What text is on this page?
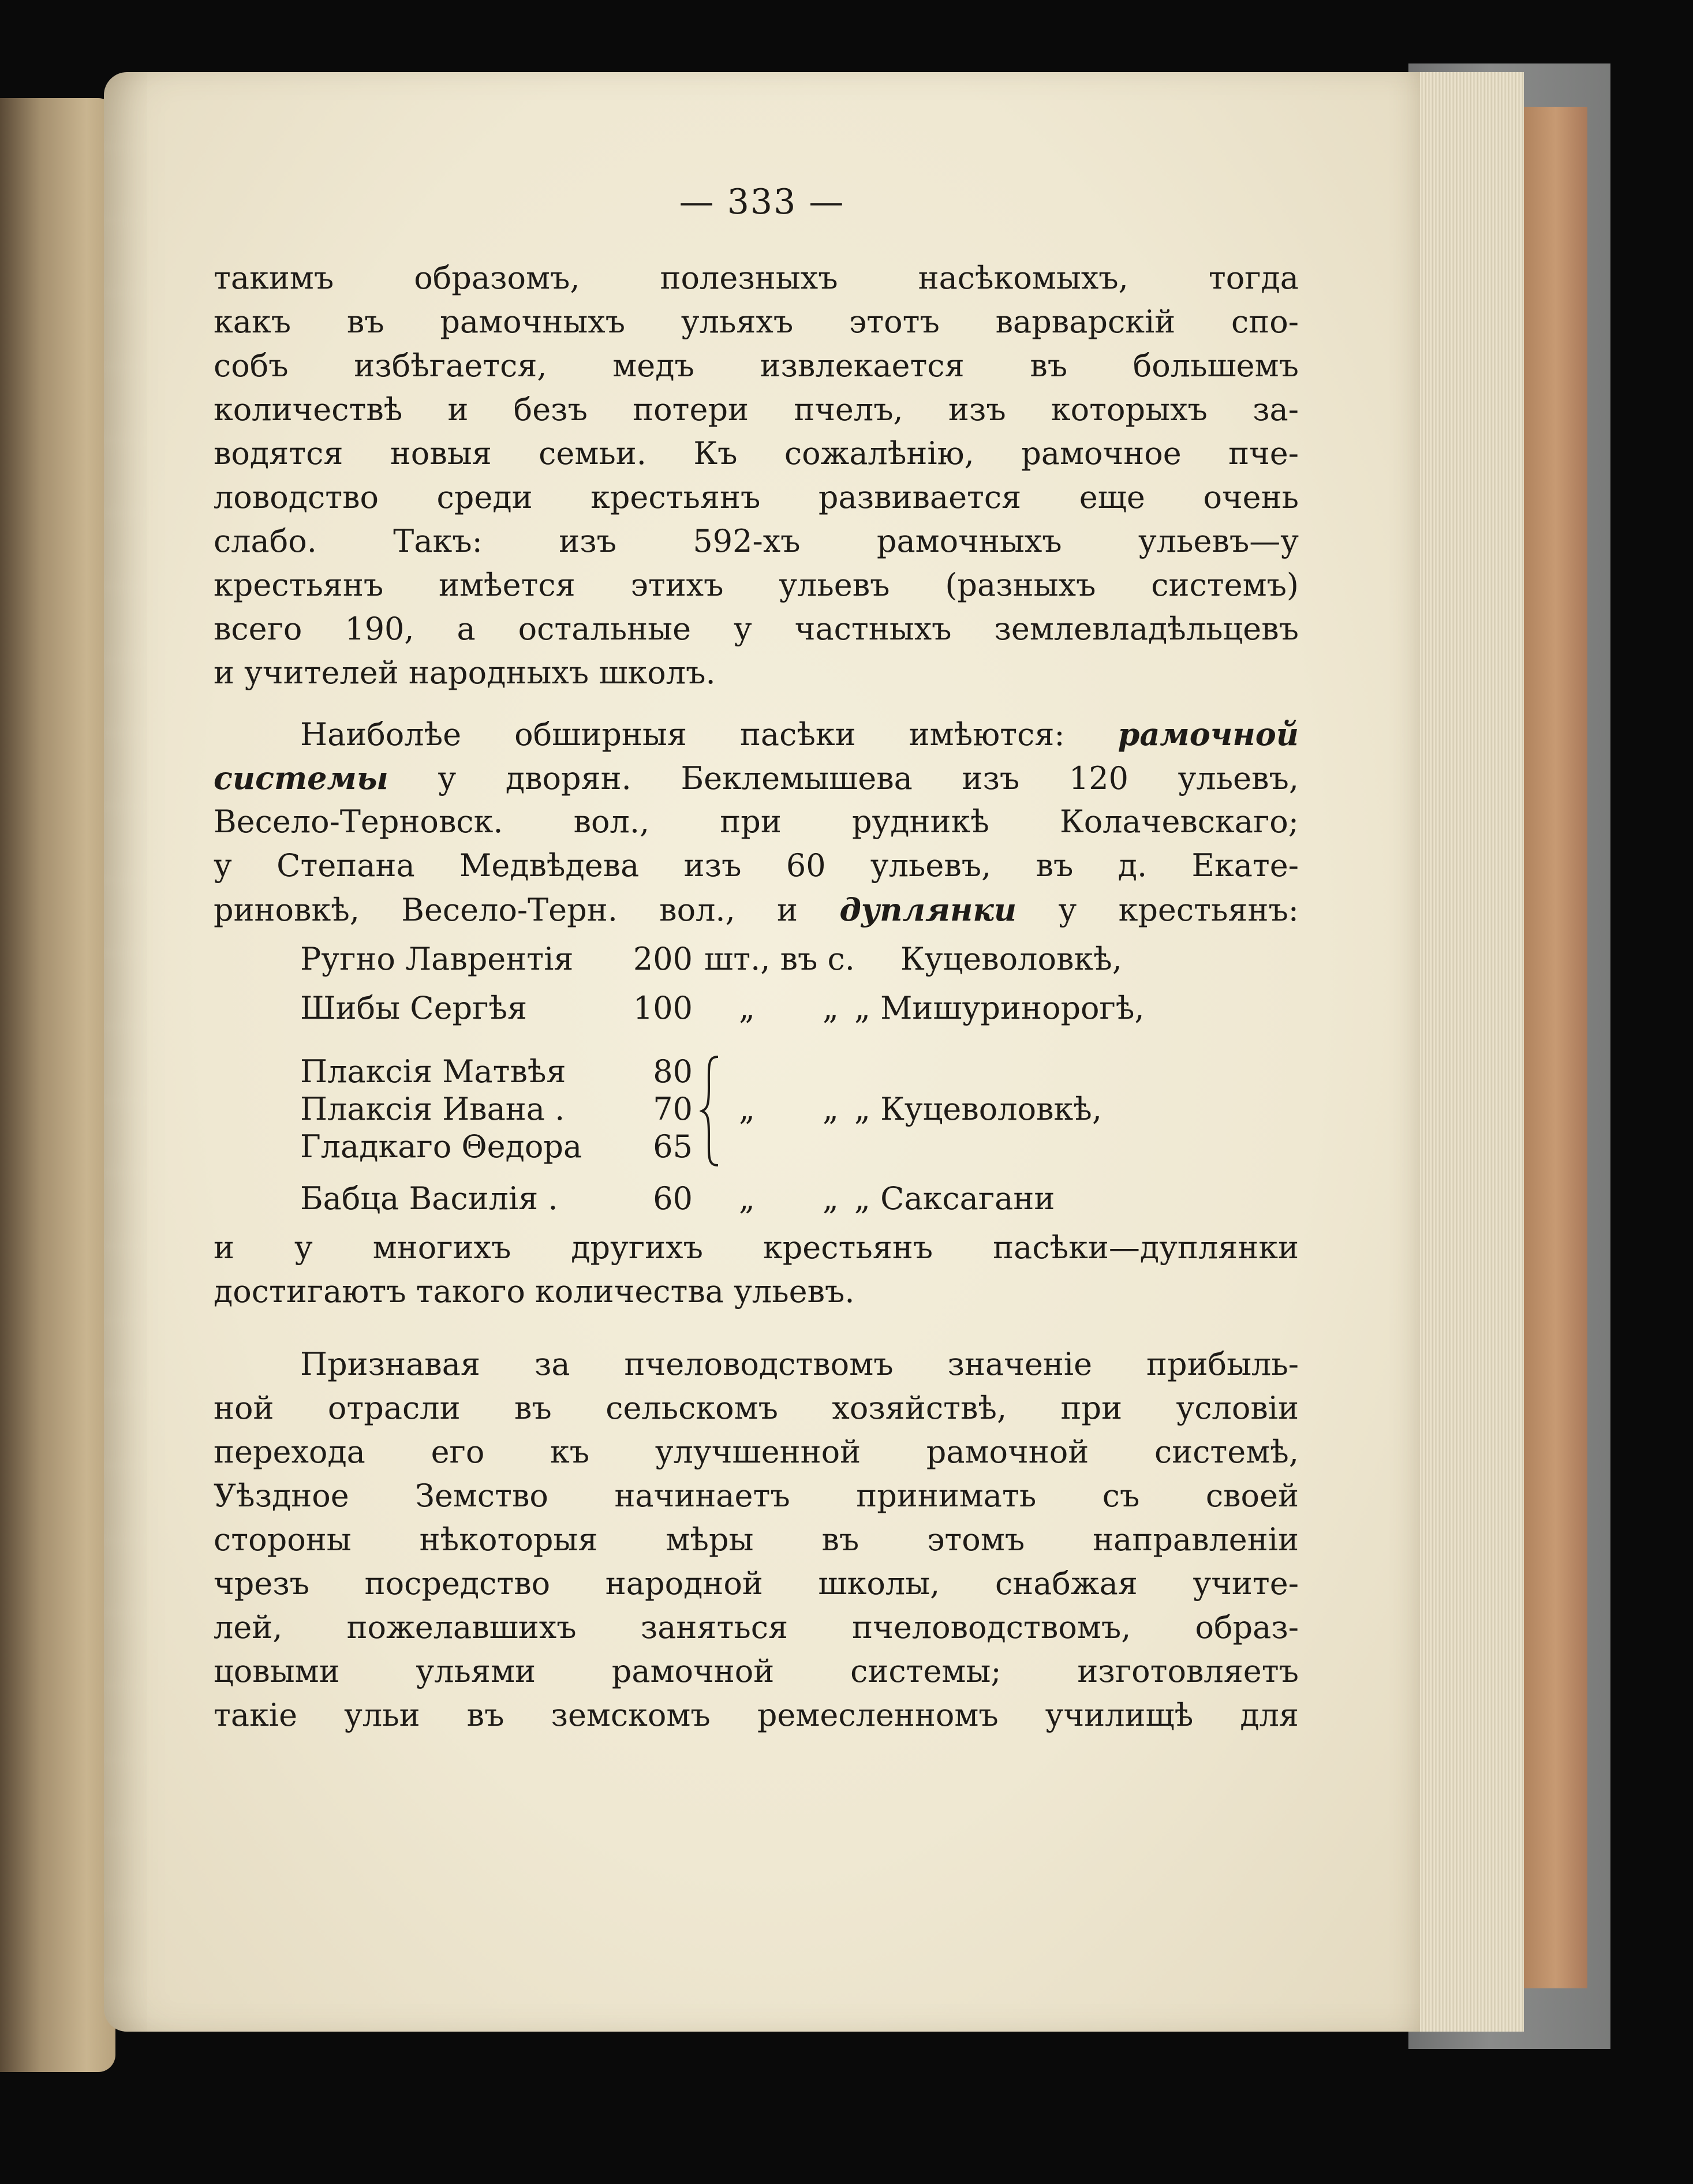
— 333 —
такимъ образомъ, полезныхъ насѣкомыхъ, тогда
какъ въ рамочныхъ ульяхъ этотъ варварскій спо-
собъ избѣгается, медъ извлекается въ большемъ
количествѣ и безъ потери пчелъ, изъ которыхъ за-
водятся новыя семьи. Къ сожалѣнію, рамочное пче-
ловодство среди крестьянъ развивается еще очень
слабо. Такъ: изъ 592-хъ рамочныхъ ульевъ—у
крестьянъ имѣется этихъ ульевъ (разныхъ системъ)
всего 190, а остальные у частныхъ землевладѣльцевъ
и учителей народныхъ школъ.
Наиболѣе обширныя пасѣки имѣются: рамочной
системы у дворян. Беклемышева изъ 120 ульевъ,
Весело-Терновск. вол., при рудникѣ Колачевскаго;
у Степана Медвѣдева изъ 60 ульевъ, въ д. Екате-
риновкѣ, Весело-Терн. вол., и дуплянки у крестьянъ:
Ругно Лаврентія	200 шт., въ с. Куцеволовкѣ,
Шибы Сергѣя	100 „ „ „ Мишуринорогѣ,
Плаксія Матвѣя	80
Плаксія Ивана .	70 „ „ „ Куцеволовкѣ,
Гладкаго Θедора	65
Бабца Василія .	60 „ „ „ Саксагани
и у многихъ другихъ крестьянъ пасѣки—дуплянки
достигаютъ такого количества ульевъ.
Признавая за пчеловодствомъ значеніе прибыль-
ной отрасли въ сельскомъ хозяйствѣ, при условіи
перехода его къ улучшенной рамочной системѣ,
Уѣздное Земство начинаетъ принимать съ своей
стороны нѣкоторыя мѣры въ этомъ направленіи
чрезъ посредство народной школы, снабжая учите-
лей, пожелавшихъ заняться пчеловодствомъ, образ-
цовыми ульями рамочной системы; изготовляетъ
такіе ульи въ земскомъ ремесленномъ училищѣ для
